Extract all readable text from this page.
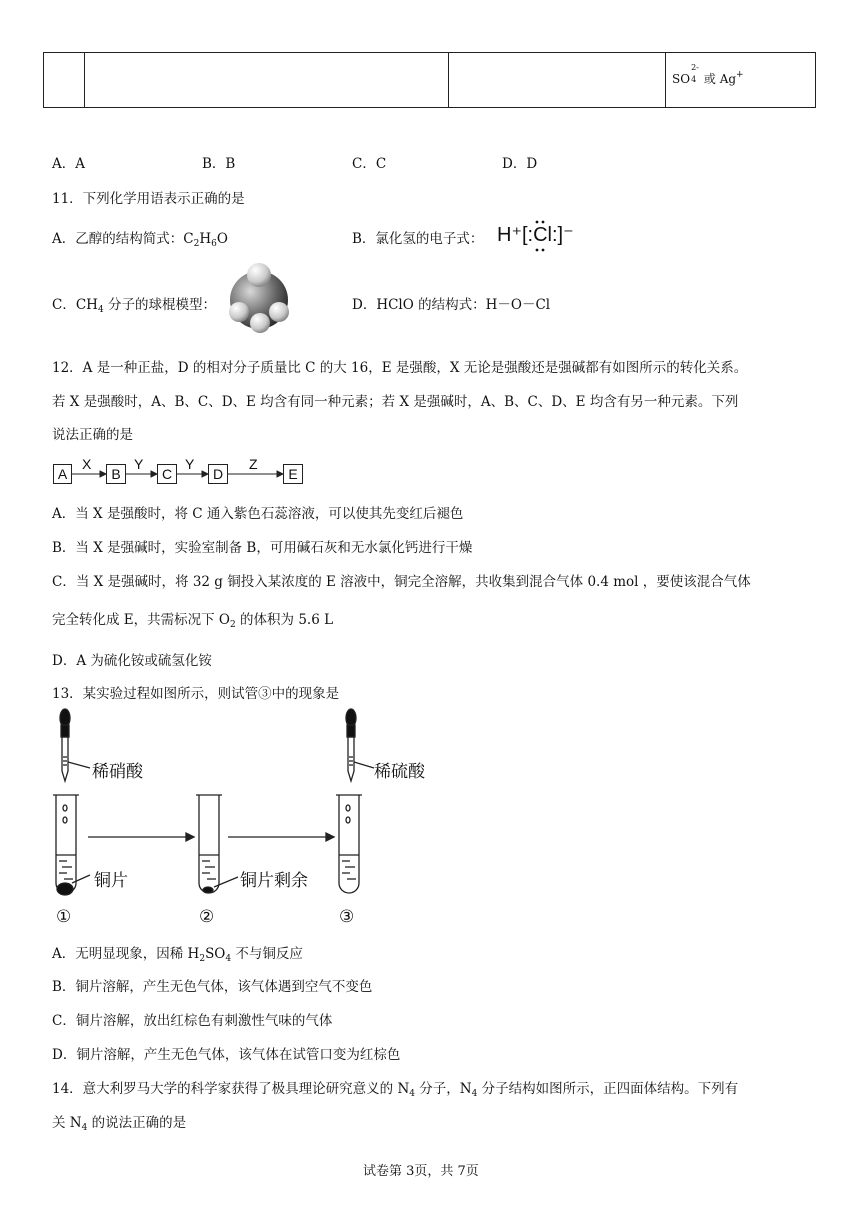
SO
2-
4 或 Ag+
A．A	B．B	C．C	D．D
11．下列化学用语表示正确的是
A．乙醇的结构简式：$C_2H_6O$	B．氯化氢的电子式： H⁺[:Cl:]⁻
C．$CH_4$ 分子的球棍模型：	D．HClO 的结构式：H－O－Cl
12．A 是一种正盐，D 的相对分子质量比 C 的大 16，E 是强酸，X 无论是强酸还是强碱都有如图所示的转化关系。
若 X 是强酸时，A、B、C、D、E 均含有同一种元素；若 X 是强碱时，A、B、C、D、E 均含有另一种元素。下列
说法正确的是
A	B	C	D	E
X	Y	Y	Z
A．当 X 是强酸时，将 C 通入紫色石蕊溶液，可以使其先变红后褪色
B．当 X 是强碱时，实验室制备 B，可用碱石灰和无水氯化钙进行干燥
C．当 X 是强碱时，将 32 g 铜投入某浓度的 E 溶液中，铜完全溶解，共收集到混合气体 0.4 mol ，要使该混合气体
完全转化成 E，共需标况下 $O_2$ 的体积为 5.6 L
D．A 为硫化铵或硫氢化铵
13．某实验过程如图所示，则试管③中的现象是
稀硝酸	稀硫酸
铜片	铜片剩余
①	②	③
A．无明显现象，因稀 $H_2SO_4$ 不与铜反应
B．铜片溶解，产生无色气体，该气体遇到空气不变色
C．铜片溶解，放出红棕色有刺激性气味的气体
D．铜片溶解，产生无色气体，该气体在试管口变为红棕色
14．意大利罗马大学的科学家获得了极具理论研究意义的 $N_4$ 分子，$N_4$ 分子结构如图所示，正四面体结构。下列有
关 $N_4$ 的说法正确的是
试卷第 3页，共 7页
